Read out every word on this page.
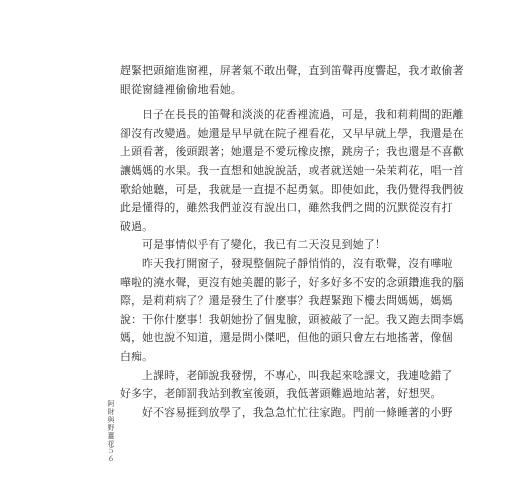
趕緊把頭縮進窗裡，屏著氣不敢出聲，直到笛聲再度響起，我才敢偷著
眼從窗縫裡偷偷地看她。
日子在長長的笛聲和淡淡的花香裡流過，可是，我和莉莉間的距離
卻沒有改變過。她還是早早就在院子裡看花，又早早就上學，我還是在
上頭看著，後頭跟著；她還是不愛玩橡皮擦，跳房子；我也還是不喜歡
讓媽媽的水果。我一直想和她說說話，或者就送她一朵茉莉花，唱一首
歌給她聽，可是，我就是一直提不起勇氣。即使如此，我仍覺得我們彼
此是懂得的，雖然我們並沒有說出口，雖然我們之間的沉默從沒有打
破過。
可是事情似乎有了變化，我已有二天沒見到她了！
昨天我打開窗子，發現整個院子靜悄悄的，沒有歌聲，沒有嘩啦
嘩啦的澆水聲，更沒有她美麗的影子，好多好多不安的念頭鑽進我的腦
際，是莉莉病了？還是發生了什麼事？我趕緊跑下樓去問媽媽，媽媽
說：干你什麼事！我朝她扮了個鬼臉，頭被敲了一記。我又跑去問李媽
媽，她也說不知道，還是問小傑吧，但他的頭只會左右地搖著，像個
白痴。
上課時，老師說我發愣，不專心，叫我起來唸課文，我連唸錯了
好多字，老師罰我站到教室後頭，我低著頭難過地站著，好想哭。
好不容易捱到放學了，我急急忙忙往家跑。門前一條睡著的小野
阿財與野薑花
５６
